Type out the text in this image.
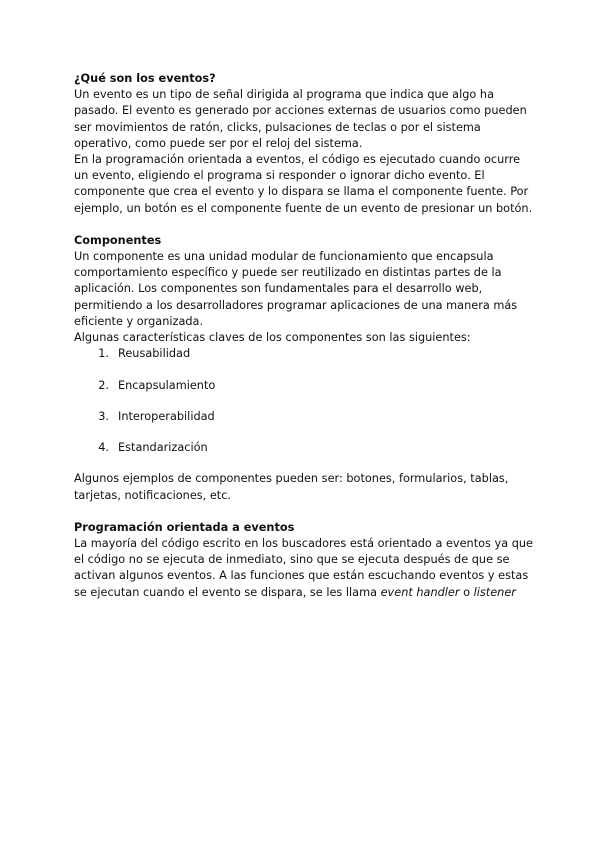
¿Qué son los eventos?

Un evento es un tipo de señal dirigida al programa que indica que algo ha pasado. El evento es generado por acciones externas de usuarios como pueden ser movimientos de ratón, clicks, pulsaciones de teclas o por el sistema operativo, como puede ser por el reloj del sistema.

En la programación orientada a eventos, el código es ejecutado cuando ocurre un evento, eligiendo el programa si responder o ignorar dicho evento. El componente que crea el evento y lo dispara se llama el componente fuente. Por ejemplo, un botón es el componente fuente de un evento de presionar un botón.

Componentes

Un componente es una unidad modular de funcionamiento que encapsula comportamiento específico y puede ser reutilizado en distintas partes de la aplicación. Los componentes son fundamentales para el desarrollo web, permitiendo a los desarrolladores programar aplicaciones de una manera más eficiente y organizada.

Algunas características claves de los componentes son las siguientes:

1. Reusabilidad
2. Encapsulamiento
3. Interoperabilidad
4. Estandarización

Algunos ejemplos de componentes pueden ser: botones, formularios, tablas, tarjetas, notificaciones, etc.

Programación orientada a eventos

La mayoría del código escrito en los buscadores está orientado a eventos ya que el código no se ejecuta de inmediato, sino que se ejecuta después de que se activan algunos eventos. A las funciones que están escuchando eventos y estas se ejecutan cuando el evento se dispara, se les llama event handler o listener
